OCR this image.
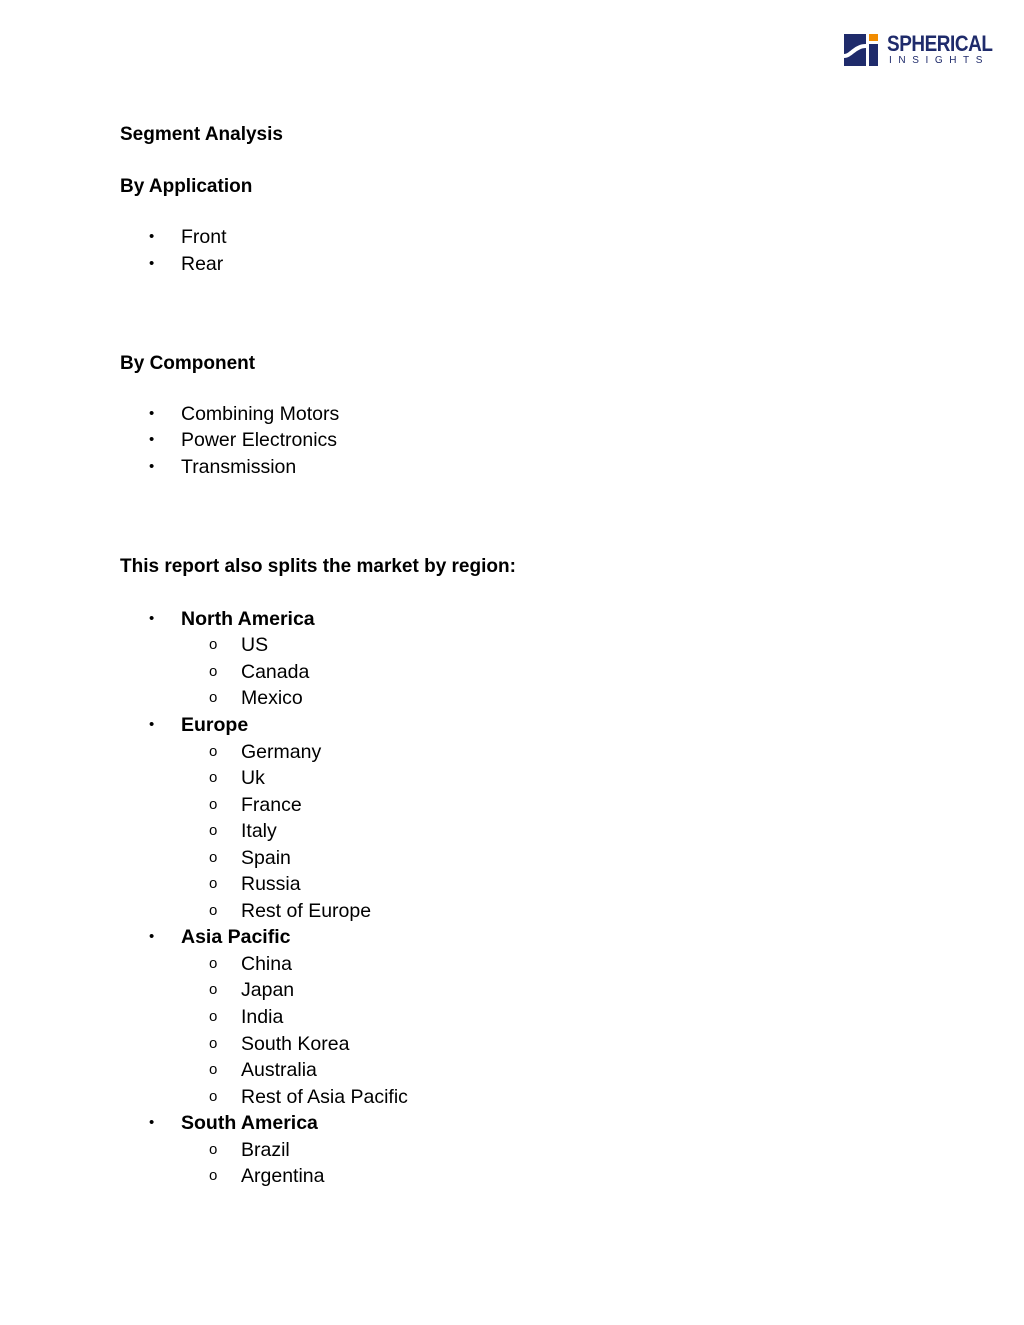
SPHERICAL
INSIGHTS
Segment Analysis
By Application
• Front
• Rear
By Component
• Combining Motors
• Power Electronics
• Transmission
This report also splits the market by region:
• North America
o US
o Canada
o Mexico
• Europe
o Germany
o Uk
o France
o Italy
o Spain
o Russia
o Rest of Europe
• Asia Pacific
o China
o Japan
o India
o South Korea
o Australia
o Rest of Asia Pacific
• South America
o Brazil
o Argentina
